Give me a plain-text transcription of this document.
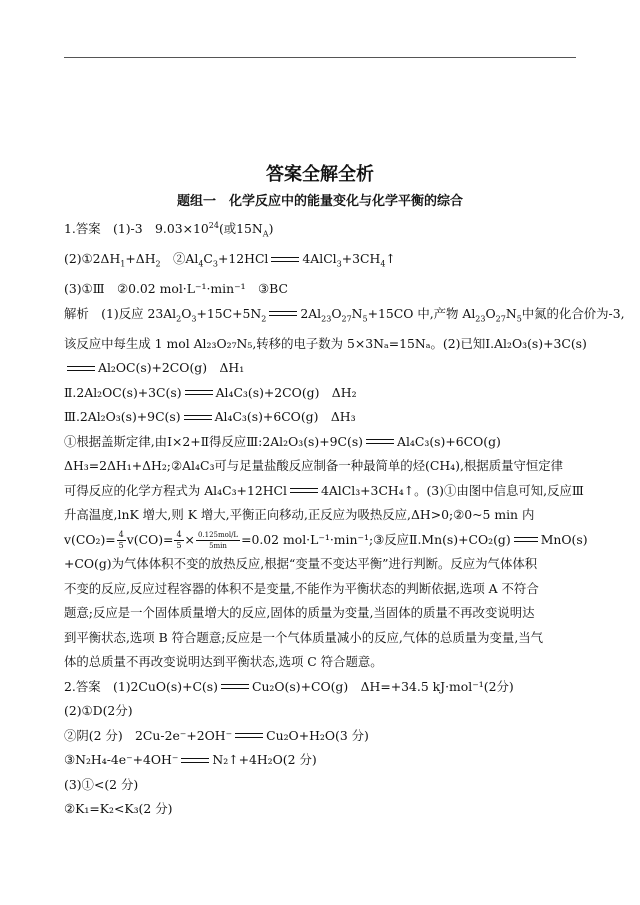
答案全解全析
题组一　化学反应中的能量变化与化学平衡的综合
1.答案　(1)-3　$9.03\times 10^{24}$(或$15N_A$)
$(2)①2\Delta H_1+\Delta H_2$　$②Al_4C_3+12HCl$	$4AlCl_3+3CH_4↑$
(3)①Ⅲ　②0.02 mol·L⁻¹·min⁻¹　③BC
解析　(1)反应 $23Al_2O_3+15C+5N_2$	$2Al_{23}O_{27}N_5+15CO$ 中,产物 $Al_{23}O_{27}N_5$中氮的化合价为-3,
该反应中每生成 1 mol Al₂₃O₂₇N₅,转移的电子数为 5×3Nₐ=15Nₐ。(2)已知Ⅰ.Al₂O₃(s)+3C(s)
Al₂OC(s)+2CO(g)　ΔH₁
Ⅱ.2Al₂OC(s)+3C(s)	Al₄C₃(s)+2CO(g)　ΔH₂
Ⅲ.2Al₂O₃(s)+9C(s)	Al₄C₃(s)+6CO(g)　ΔH₃
①根据盖斯定律,由Ⅰ×2+Ⅱ得反应Ⅲ:2Al₂O₃(s)+9C(s)	Al₄C₃(s)+6CO(g)
ΔH₃=2ΔH₁+ΔH₂;②Al₄C₃可与足量盐酸反应制备一种最简单的烃(CH₄),根据质量守恒定律
可得反应的化学方程式为 Al₄C₃+12HCl	4AlCl₃+3CH₄↑。(3)①由图中信息可知,反应Ⅲ
升高温度,lnK 增大,则 K 增大,平衡正向移动,正反应为吸热反应,ΔH>0;②0~5 min 内
$v(CO_2)= \frac{4}{5} v(CO)= \frac{4}{5} \times \frac{\text{0.125mol/L}}{5\min} =0.02$ mol·L⁻¹·min⁻¹;③反应Ⅱ.Mn(s)+CO₂(g) MnO(s)
+CO(g)为气体体积不变的放热反应,根据“变量不变达平衡”进行判断。反应为气体体积
不变的反应,反应过程容器的体积不是变量,不能作为平衡状态的判断依据,选项 A 不符合
题意;反应是一个固体质量增大的反应,固体的质量为变量,当固体的质量不再改变说明达
到平衡状态,选项 B 符合题意;反应是一个气体质量减小的反应,气体的总质量为变量,当气
体的总质量不再改变说明达到平衡状态,选项 C 符合题意。
2.答案　(1)2CuO(s)+C(s)	Cu₂O(s)+CO(g)　ΔH=+34.5 kJ·mol⁻¹(2分)
(2)①D(2分)
②阴(2 分)　2Cu-2e⁻+2OH⁻	Cu₂O+H₂O(3 分)
③N₂H₄-4e⁻+4OH⁻	N₂↑+4H₂O(2 分)
(3)①<(2 分)
②K₁=K₂<K₃(2 分)
